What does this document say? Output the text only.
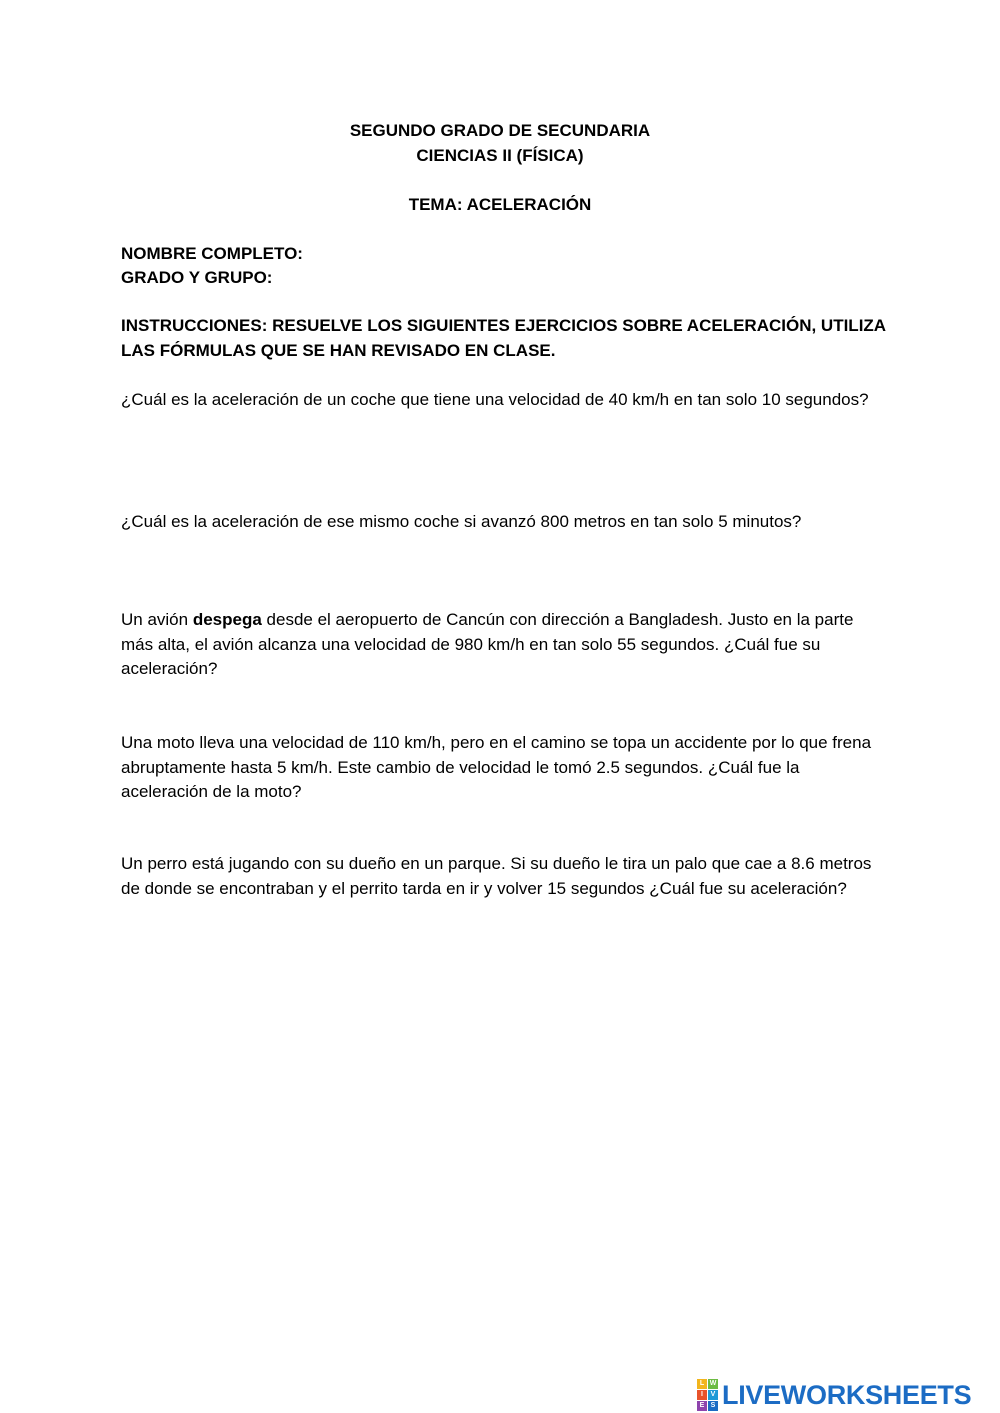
SEGUNDO GRADO DE SECUNDARIA
CIENCIAS II (FÍSICA)
TEMA: ACELERACIÓN
NOMBRE COMPLETO:
GRADO Y GRUPO:
INSTRUCCIONES: RESUELVE LOS SIGUIENTES EJERCICIOS SOBRE ACELERACIÓN, UTILIZA LAS FÓRMULAS QUE SE HAN REVISADO EN CLASE.
¿Cuál es la aceleración de un coche que tiene una velocidad de 40 km/h en tan solo 10 segundos?
¿Cuál es la aceleración de ese mismo coche si avanzó 800 metros en tan solo 5 minutos?
Un avión despega desde el aeropuerto de Cancún con dirección a Bangladesh. Justo en la parte más alta, el avión alcanza una velocidad de 980 km/h en tan solo 55 segundos. ¿Cuál fue su aceleración?
Una moto lleva una velocidad de 110 km/h, pero en el camino se topa un accidente por lo que frena abruptamente hasta 5 km/h. Este cambio de velocidad le tomó 2.5 segundos. ¿Cuál fue la aceleración de la moto?
Un perro está jugando con su dueño en un parque. Si su dueño le tira un palo que cae a 8.6 metros de donde se encontraban y el perrito tarda en ir y volver 15 segundos ¿Cuál fue su aceleración?
L W
I	V
E S LIVEWORKSHEETS
